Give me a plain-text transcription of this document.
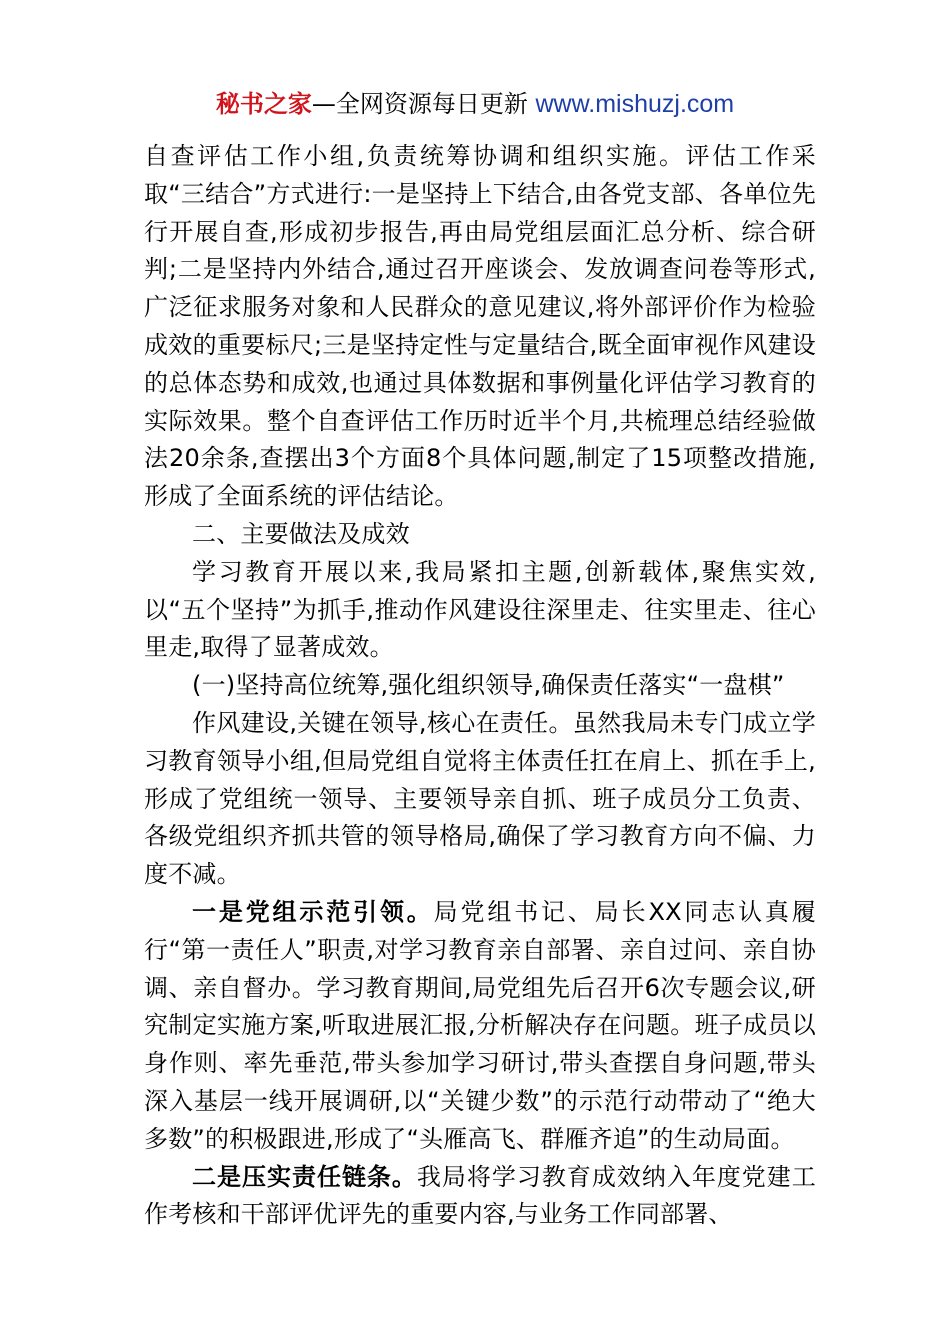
秘书之家—全网资源每日更新 www.mishuzj.com

自查评估工作小组,负责统筹协调和组织实施。评估工作采取“三结合”方式进行:一是坚持上下结合,由各党支部、各单位先行开展自查,形成初步报告,再由局党组层面汇总分析、综合研判;二是坚持内外结合,通过召开座谈会、发放调查问卷等形式,广泛征求服务对象和人民群众的意见建议,将外部评价作为检验成效的重要标尺;三是坚持定性与定量结合,既全面审视作风建设的总体态势和成效,也通过具体数据和事例量化评估学习教育的实际效果。整个自查评估工作历时近半个月,共梳理总结经验做法20余条,查摆出3个方面8个具体问题,制定了15项整改措施,形成了全面系统的评估结论。

二、主要做法及成效

学习教育开展以来,我局紧扣主题,创新载体,聚焦实效,以“五个坚持”为抓手,推动作风建设往深里走、往实里走、往心里走,取得了显著成效。

(一)坚持高位统筹,强化组织领导,确保责任落实“一盘棋”

作风建设,关键在领导,核心在责任。虽然我局未专门成立学习教育领导小组,但局党组自觉将主体责任扛在肩上、抓在手上,形成了党组统一领导、主要领导亲自抓、班子成员分工负责、各级党组织齐抓共管的领导格局,确保了学习教育方向不偏、力度不减。

一是党组示范引领。局党组书记、局长XX同志认真履行“第一责任人”职责,对学习教育亲自部署、亲自过问、亲自协调、亲自督办。学习教育期间,局党组先后召开6次专题会议,研究制定实施方案,听取进展汇报,分析解决存在问题。班子成员以身作则、率先垂范,带头参加学习研讨,带头查摆自身问题,带头深入基层一线开展调研,以“关键少数”的示范行动带动了“绝大多数”的积极跟进,形成了“头雁高飞、群雁齐追”的生动局面。

二是压实责任链条。我局将学习教育成效纳入年度党建工作考核和干部评优评先的重要内容,与业务工作同部署、
